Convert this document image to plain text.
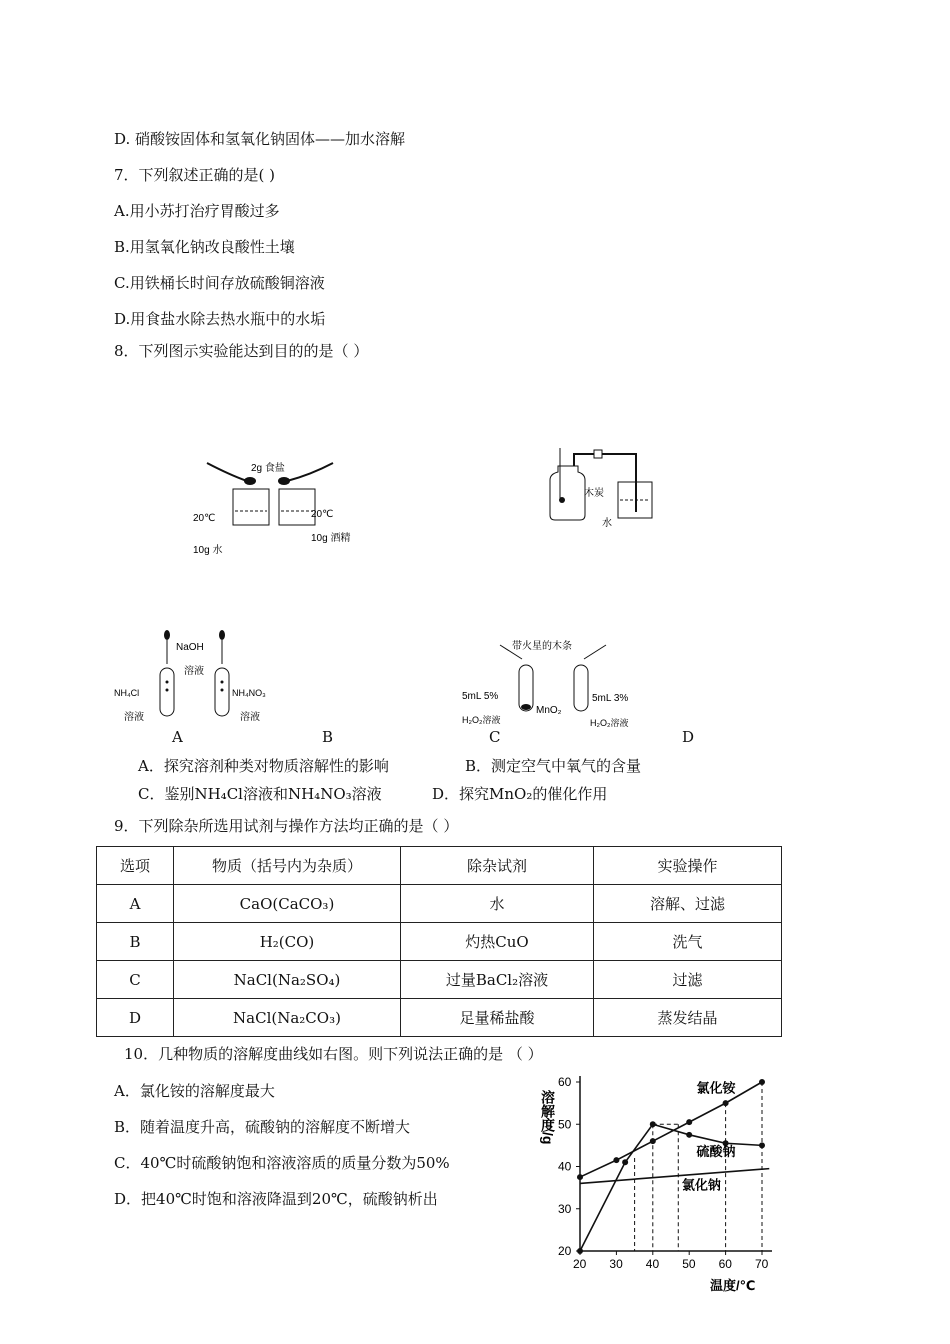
D. 硝酸铵固体和氢氧化钠固体——加水溶解
7．下列叙述正确的是( )
A.用小苏打治疗胃酸过多
B.用氢氧化钠改良酸性土壤
C.用铁桶长时间存放硫酸铜溶液
D.用食盐水除去热水瓶中的水垢
8．下列图示实验能达到目的的是（ ）
2g 食盐
20℃	20℃
10g 水
10g 酒精
木炭
水
NaOH
溶液
NH₄Cl
溶液
NH₄NO₃
溶液
带火星的木条
5mL 5%
H₂O₂溶液
MnO₂
5mL 3%
H₂O₂溶液
A	B	C	D
A．探究溶剂种类对物质溶解性的影响	B．测定空气中氧气的含量
C．鉴别NH₄Cl溶液和NH₄NO₃溶液	D．探究MnO₂的催化作用
9．下列除杂所选用试剂与操作方法均正确的是（ ）
选项	物质（括号内为杂质）	除杂试剂	实验操作
A	CaO(CaCO₃)	水	溶解、过滤
B	H₂(CO)	灼热CuO	洗气
C	NaCl(Na₂SO₄)	过量BaCl₂溶液	过滤
D	NaCl(Na₂CO₃)	足量稀盐酸	蒸发结晶
10．几种物质的溶解度曲线如右图。则下列说法正确的是 （ ）
A．氯化铵的溶解度最大
B．随着温度升高，硫酸钠的溶解度不断增大
C．40℃时硫酸钠饱和溶液溶质的质量分数为50%
D．把40℃时饱和溶液降温到20℃，硫酸钠析出
20 30 40 50 60 70
20
30
40
50
60	氯化铵
硫酸钠
氯化钠
溶解度/g
温度/℃
